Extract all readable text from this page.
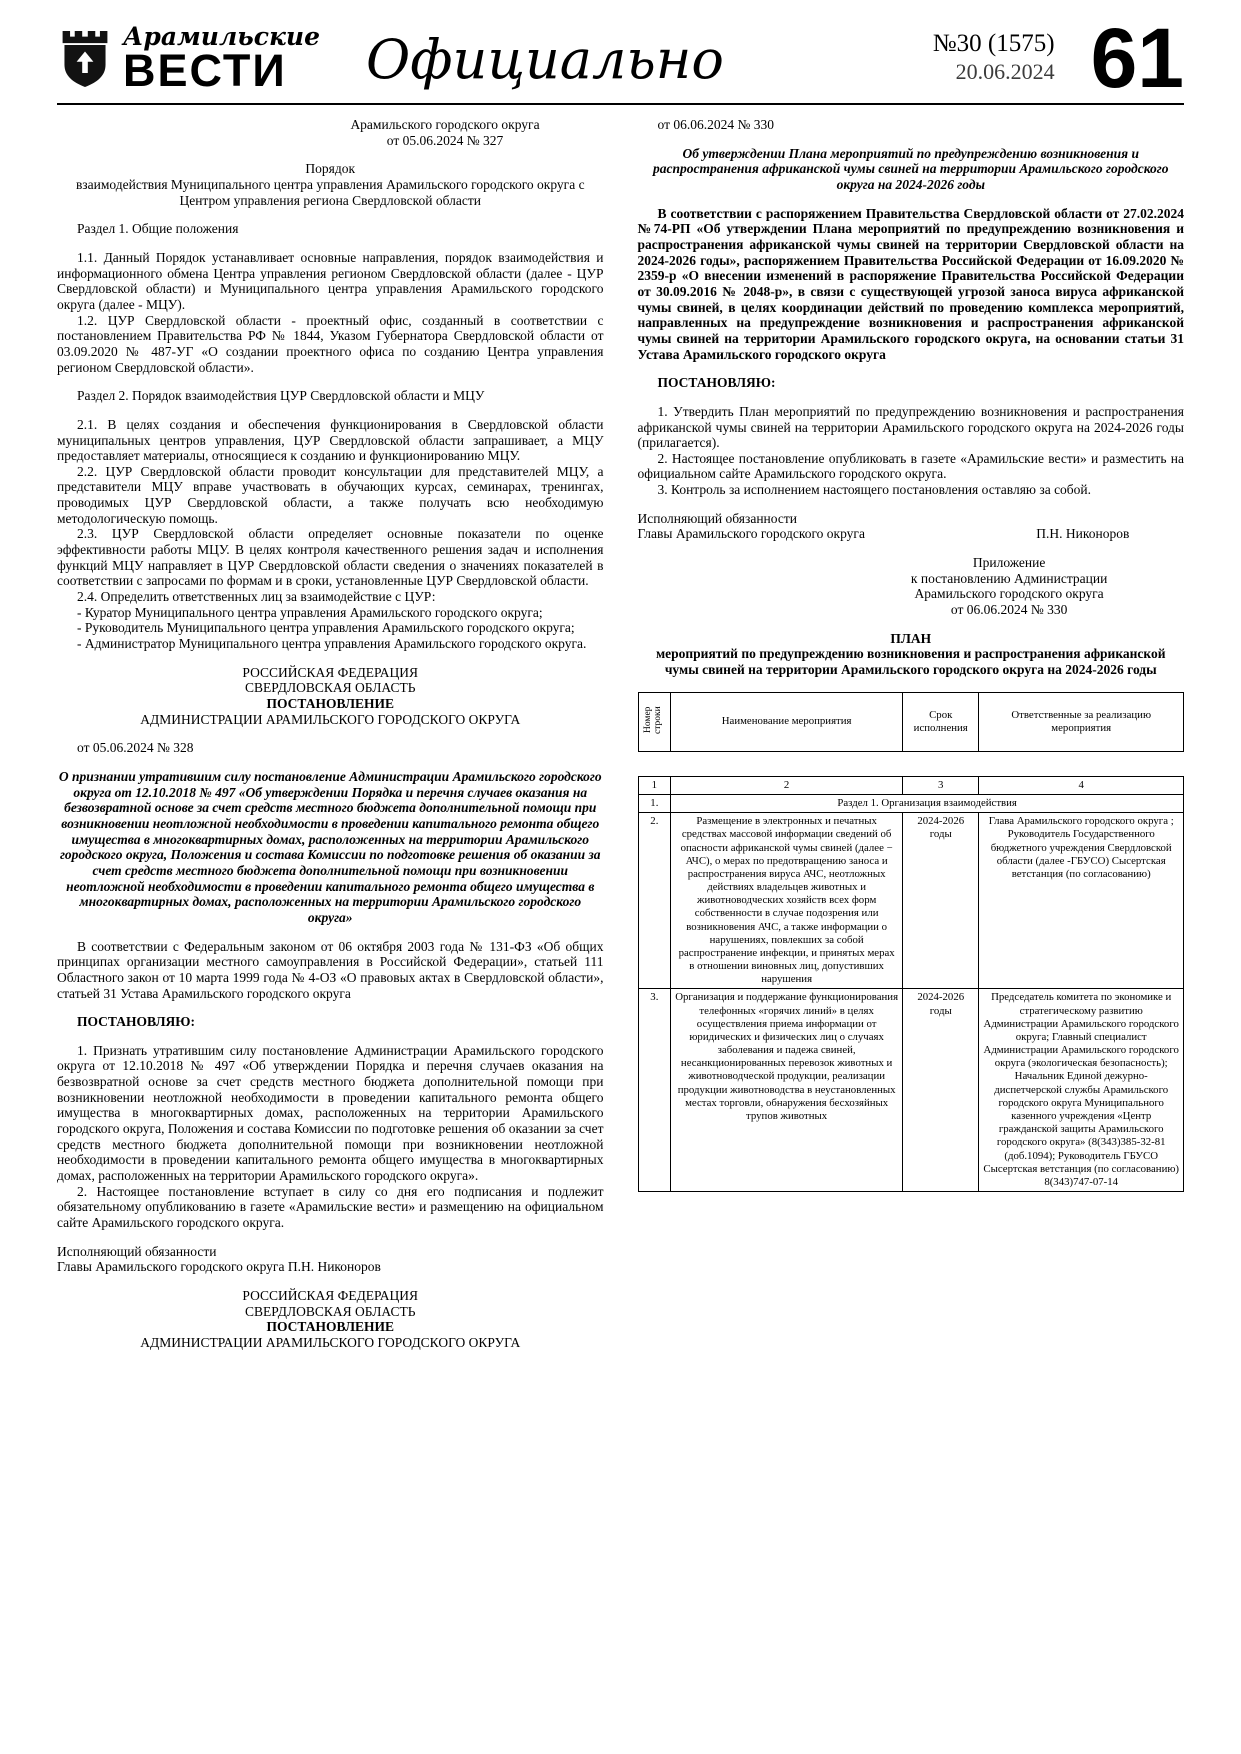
Арамильские
ВЕСТИ	Официально	№30 (1575)
20.06.2024 61
Арамильского городского округа
от 05.06.2024 № 327
Порядок
взаимодействия Муниципального центра управления Арамильского городского округа с Центром управления региона Свердловской области

Раздел 1. Общие положения

1.1. Данный Порядок устанавливает основные направления, порядок взаимодействия и информационного обмена Центра управления регионом Свердловской области (далее - ЦУР Свердловской области) и Муниципального центра управления Арамильского городского округа (далее - МЦУ).

1.2. ЦУР Свердловской области - проектный офис, созданный в соответствии с постановлением Правительства РФ № 1844, Указом Губернатора Свердловской области от 03.09.2020 № 487-УГ «О создании проектного офиса по созданию Центра управления регионом Свердловской области».

Раздел 2. Порядок взаимодействия ЦУР Свердловской области и МЦУ

2.1. В целях создания и обеспечения функционирования в Свердловской области муниципальных центров управления, ЦУР Свердловской области запрашивает, а МЦУ предоставляет материалы, относящиеся к созданию и функционированию МЦУ.

2.2. ЦУР Свердловской области проводит консультации для представителей МЦУ, а представители МЦУ вправе участвовать в обучающих курсах, семинарах, тренингах, проводимых ЦУР Свердловской области, а также получать всю необходимую методологическую помощь.

2.3. ЦУР Свердловской области определяет основные показатели по оценке эффективности работы МЦУ. В целях контроля качественного решения задач и исполнения функций МЦУ направляет в ЦУР Свердловской области сведения о значениях показателей в соответствии с запросами по формам и в сроки, установленные ЦУР Свердловской области.

2.4. Определить ответственных лиц за взаимодействие с ЦУР:

- Куратор Муниципального центра управления Арамильского городского округа;

- Руководитель Муниципального центра управления Арамильского городского округа;

- Администратор Муниципального центра управления Арамильского городского округа.

РОССИЙСКАЯ ФЕДЕРАЦИЯ
СВЕРДЛОВСКАЯ ОБЛАСТЬ
ПОСТАНОВЛЕНИЕ
АДМИНИСТРАЦИИ АРАМИЛЬСКОГО ГОРОДСКОГО ОКРУГА

от 05.06.2024 № 328

О признании утратившим силу постановление Администрации Арамильского городского округа от 12.10.2018 № 497 «Об утверждении Порядка и перечня случаев оказания на безвозвратной основе за счет средств местного бюджета дополнительной помощи при возникновении неотложной необходимости в проведении капитального ремонта общего имущества в многоквартирных домах, расположенных на территории Арамильского городского округа, Положения и состава Комиссии по подготовке решения об оказании за счет средств местного бюджета дополнительной помощи при возникновении неотложной необходимости в проведении капитального ремонта общего имущества в многоквартирных домах, расположенных на территории Арамильского городского округа»

В соответствии с Федеральным законом от 06 октября 2003 года № 131-ФЗ «Об общих принципах организации местного самоуправления в Российской Федерации», статьей 111 Областного закон от 10 марта 1999 года № 4-ОЗ «О правовых актах в Свердловской области», статьей 31 Устава Арамильского городского округа

ПОСТАНОВЛЯЮ:

1. Признать утратившим силу постановление Администрации Арамильского городского округа от 12.10.2018 № 497 «Об утверждении Порядка и перечня случаев оказания на безвозвратной основе за счет средств местного бюджета дополнительной помощи при возникновении неотложной необходимости в проведении капитального ремонта общего имущества в многоквартирных домах, расположенных на территории Арамильского городского округа, Положения и состава Комиссии по подготовке решения об оказании за счет средств местного бюджета дополнительной помощи при возникновении неотложной необходимости в проведении капитального ремонта общего имущества в многоквартирных домах, расположенных на территории Арамильского городского округа».

2. Настоящее постановление вступает в силу со дня его подписания и подлежит обязательному опубликованию в газете «Арамильские вести» и размещению на официальном сайте Арамильского городского округа.

Исполняющий обязанности
Главы Арамильского городского округа П.Н. Никоноров
РОССИЙСКАЯ ФЕДЕРАЦИЯ
СВЕРДЛОВСКАЯ ОБЛАСТЬ
ПОСТАНОВЛЕНИЕ
АДМИНИСТРАЦИИ АРАМИЛЬСКОГО ГОРОДСКОГО ОКРУГА

от 06.06.2024 № 330

Об утверждении Плана мероприятий по предупреждению возникновения и распространения африканской чумы свиней на территории Арамильского городского округа на 2024-2026 годы

В соответствии с распоряжением Правительства Свердловской области от 27.02.2024 №74-РП «Об утверждении Плана мероприятий по предупреждению возникновения и распространения африканской чумы свиней на территории Свердловской области на 2024-2026 годы», распоряжением Правительства Российской Федерации от 16.09.2020 № 2359-р «О внесении изменений в распоряжение Правительства Российской Федерации от 30.09.2016 № 2048-р», в связи с существующей угрозой заноса вируса африканской чумы свиней, в целях координации действий по проведению комплекса мероприятий, направленных на предупреждение возникновения и распространения африканской чумы свиней на территории Арамильского городского округа, на основании статьи 31 Устава Арамильского городского округа

ПОСТАНОВЛЯЮ:

1. Утвердить План мероприятий по предупреждению возникновения и распространения африканской чумы свиней на территории Арамильского городского округа на 2024-2026 годы (прилагается).

2. Настоящее постановление опубликовать в газете «Арамильские вести» и разместить на официальном сайте Арамильского городского округа.

3. Контроль за исполнением настоящего постановления оставляю за собой.

Исполняющий обязанности
Главы Арамильского городского округа	П.Н. Никоноров
Приложение
к постановлению Администрации
Арамильского городского округа
от 06.06.2024 № 330
ПЛАН
мероприятий по предупреждению возникновения и распространения африканской чумы свиней на территории Арамильского городского округа на 2024-2026 годы
Номер строки	Наименование мероприятия	Срок исполнения	Ответственные за реализацию мероприятия
1	2	3	4
1.	Раздел 1. Организация взаимодействия		
2.	Размещение в электронных и печатных средствах массовой информации сведений об опасности африканской чумы свиней (далее − АЧС), о мерах по предотвращению заноса и распространения вируса АЧС, неотложных действиях владельцев животных и животноводческих хозяйств всех форм собственности в случае подозрения или возникновения АЧС, а также информации о нарушениях, повлекших за собой распространение инфекции, и принятых мерах в отношении виновных лиц, допустивших нарушения	2024-2026 годы	Глава Арамильского городского округа ; Руководитель Государственного бюджетного учреждения Свердловской области (далее -ГБУСО) Сысертская ветстанция (по согласованию)
3.	Организация и поддержание функционирования телефонных «горячих линий» в целях осуществления приема информации от юридических и физических лиц о случаях заболевания и падежа свиней, несанкционированных перевозок животных и животноводческой продукции, реализации продукции животноводства в неустановленных местах торговли, обнаружения бесхозяйных трупов животных	2024-2026 годы	Председатель комитета по экономике и стратегическому развитию Администрации Арамильского городского округа; Главный специалист Администрации Арамильского городского округа (экологическая безопасность); Начальник Единой дежурно-диспетчерской службы Арамильского городского округа Муниципального казенного учреждения «Центр гражданской защиты Арамильского городского округа» (8(343)385-32-81 (доб.1094); Руководитель ГБУСО Сысертская ветстанция (по согласованию) 8(343)747-07-14
